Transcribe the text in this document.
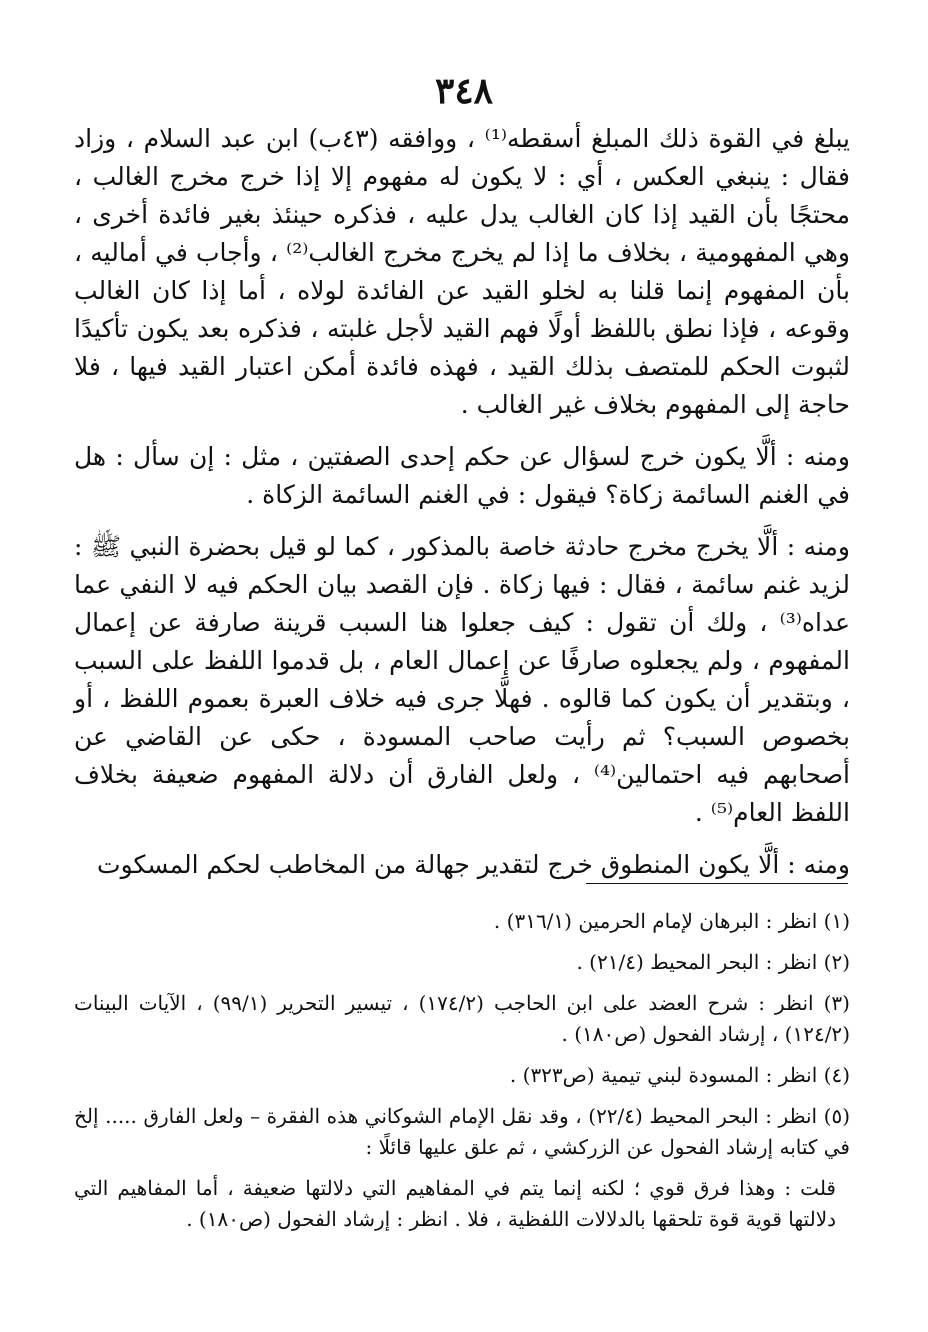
٣٤٨

يبلغ في القوة ذلك المبلغ أسقطه⁽¹⁾ ، ووافقه (٤٣ب) ابن عبد السلام ، وزاد فقال : ينبغي العكس ، أي : لا يكون له مفهوم إلا إذا خرج مخرج الغالب ، محتجًا بأن القيد إذا كان الغالب يدل عليه ، فذكره حينئذ بغير فائدة أخرى ، وهي المفهومية ، بخلاف ما إذا لم يخرج مخرج الغالب⁽²⁾ ، وأجاب في أماليه ، بأن المفهوم إنما قلنا به لخلو القيد عن الفائدة لولاه ، أما إذا كان الغالب وقوعه ، فإذا نطق باللفظ أولًا فهم القيد لأجل غلبته ، فذكره بعد يكون تأكيدًا لثبوت الحكم للمتصف بذلك القيد ، فهذه فائدة أمكن اعتبار القيد فيها ، فلا حاجة إلى المفهوم بخلاف غير الغالب .

ومنه : ألَّا يكون خرج لسؤال عن حكم إحدى الصفتين ، مثل : إن سأل : هل في الغنم السائمة زكاة؟ فيقول : في الغنم السائمة الزكاة .

ومنه : ألَّا يخرج مخرج حادثة خاصة بالمذكور ، كما لو قيل بحضرة النبي ﷺ : لزيد غنم سائمة ، فقال : فيها زكاة . فإن القصد بيان الحكم فيه لا النفي عما عداه⁽³⁾ ، ولك أن تقول : كيف جعلوا هنا السبب قرينة صارفة عن إعمال المفهوم ، ولم يجعلوه صارفًا عن إعمال العام ، بل قدموا اللفظ على السبب ، وبتقدير أن يكون كما قالوه . فهلَّا جرى فيه خلاف العبرة بعموم اللفظ ، أو بخصوص السبب؟ ثم رأيت صاحب المسودة ، حكى عن القاضي عن أصحابهم فيه احتمالين⁽⁴⁾ ، ولعل الفارق أن دلالة المفهوم ضعيفة بخلاف اللفظ العام⁽⁵⁾ .

ومنه : ألَّا يكون المنطوق خرج لتقدير جهالة من المخاطب لحكم المسكوت

(١) انظر : البرهان لإمام الحرمين (٣١٦/١) .

(٢) انظر : البحر المحيط (٢١/٤) .

(٣) انظر : شرح العضد على ابن الحاجب (١٧٤/٢) ، تيسير التحرير (٩٩/١) ، الآيات البينات (١٢٤/٢) ، إرشاد الفحول (ص١٨٠) .

(٤) انظر : المسودة لبني تيمية (ص٣٢٣) .

(٥) انظر : البحر المحيط (٢٢/٤) ، وقد نقل الإمام الشوكاني هذه الفقرة – ولعل الفارق ..... إلخ في كتابه إرشاد الفحول عن الزركشي ، ثم علق عليها قائلًا :

قلت : وهذا فرق قوي ؛ لكنه إنما يتم في المفاهيم التي دلالتها ضعيفة ، أما المفاهيم التي دلالتها قوية قوة تلحقها بالدلالات اللفظية ، فلا . انظر : إرشاد الفحول (ص١٨٠) .
